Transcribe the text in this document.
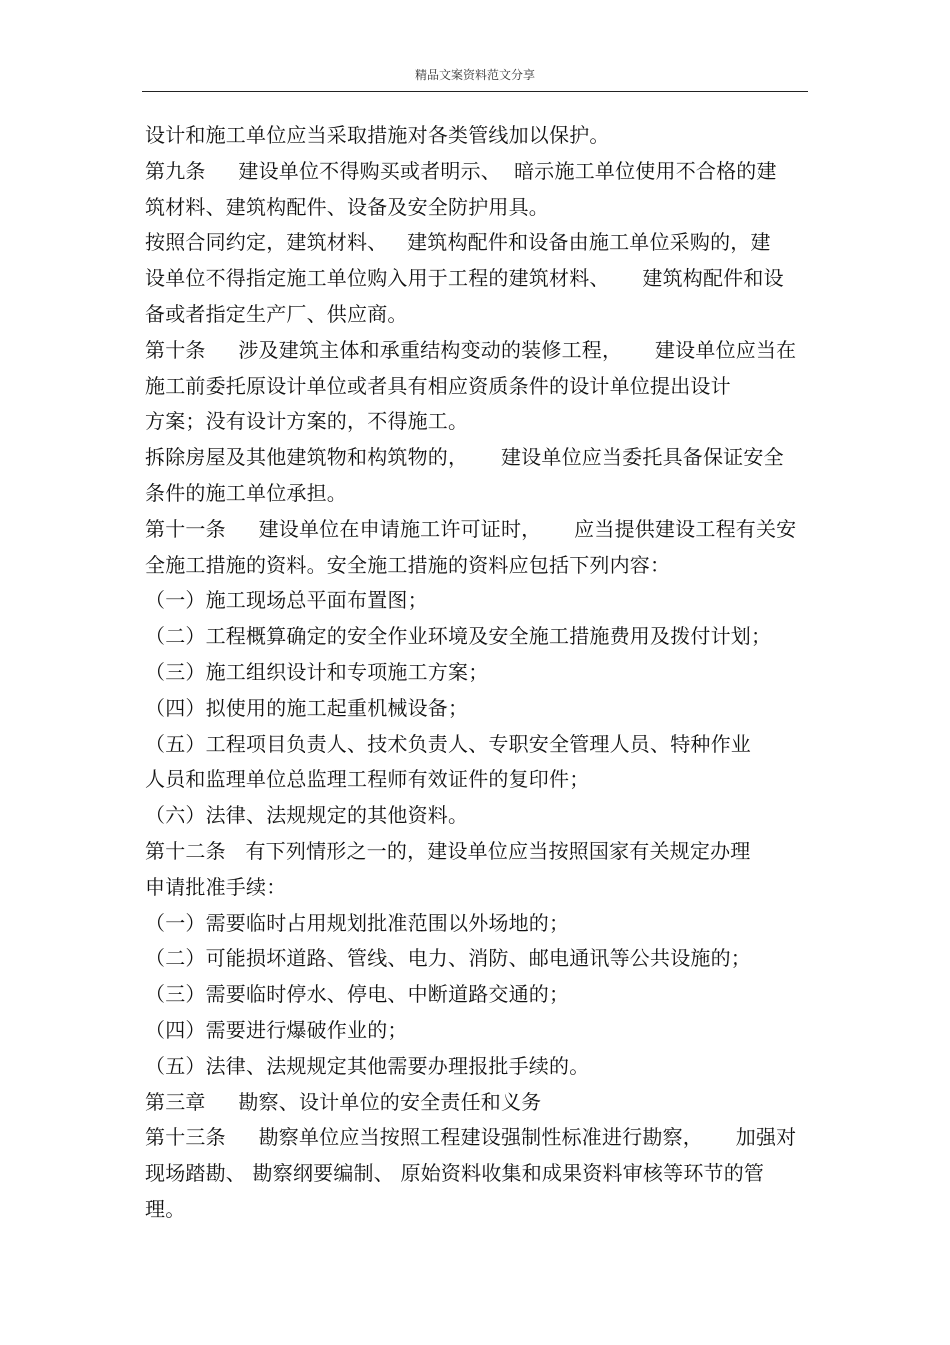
精品文案资料范文分享
设计和施工单位应当采取措施对各类管线加以保护。
第九条     建设单位不得购买或者明示、  暗示施工单位使用不合格的建
筑材料、建筑构配件、设备及安全防护用具。
按照合同约定，建筑材料、   建筑构配件和设备由施工单位采购的，建
设单位不得指定施工单位购入用于工程的建筑材料、     建筑构配件和设
备或者指定生产厂、供应商。
第十条     涉及建筑主体和承重结构变动的装修工程，     建设单位应当在
施工前委托原设计单位或者具有相应资质条件的设计单位提出设计
方案；没有设计方案的，不得施工。
拆除房屋及其他建筑物和构筑物的，     建设单位应当委托具备保证安全
条件的施工单位承担。
第十一条     建设单位在申请施工许可证时，     应当提供建设工程有关安
全施工措施的资料。安全施工措施的资料应包括下列内容：
（一）施工现场总平面布置图；
（二）工程概算确定的安全作业环境及安全施工措施费用及拨付计划；
（三）施工组织设计和专项施工方案；
（四）拟使用的施工起重机械设备；
（五）工程项目负责人、技术负责人、专职安全管理人员、特种作业
人员和监理单位总监理工程师有效证件的复印件；
（六）法律、法规规定的其他资料。
第十二条   有下列情形之一的，建设单位应当按照国家有关规定办理
申请批准手续：
（一）需要临时占用规划批准范围以外场地的；
（二）可能损坏道路、管线、电力、消防、邮电通讯等公共设施的；
（三）需要临时停水、停电、中断道路交通的；
（四）需要进行爆破作业的；
（五）法律、法规规定其他需要办理报批手续的。
第三章     勘察、设计单位的安全责任和义务
第十三条     勘察单位应当按照工程建设强制性标准进行勘察，     加强对
现场踏勘、 勘察纲要编制、 原始资料收集和成果资料审核等环节的管
理。
